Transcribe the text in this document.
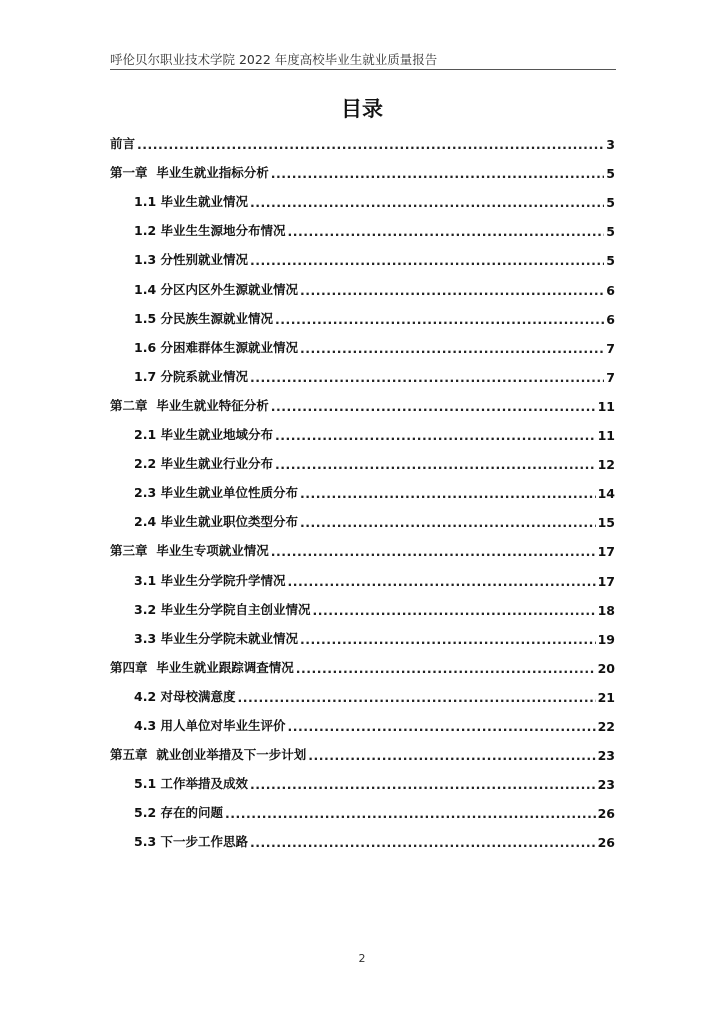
呼伦贝尔职业技术学院 2022 年度高校毕业生就业质量报告
目录
前言 .....	3
第一章  毕业生就业指标分析 .....	5
1.1 毕业生就业情况 .....	5
1.2 毕业生生源地分布情况 .....	5
1.3 分性别就业情况 .....	5
1.4 分区内区外生源就业情况 .....	6
1.5 分民族生源就业情况 .....	6
1.6 分困难群体生源就业情况 .....	7
1.7 分院系就业情况 .....	7
第二章  毕业生就业特征分析 .....	11
2.1 毕业生就业地域分布 .....	11
2.2 毕业生就业行业分布 .....	12
2.3 毕业生就业单位性质分布 .....	14
2.4 毕业生就业职位类型分布 .....	15
第三章  毕业生专项就业情况 .....	17
3.1 毕业生分学院升学情况 .....	17
3.2 毕业生分学院自主创业情况 .....	18
3.3 毕业生分学院未就业情况 .....	19
第四章  毕业生就业跟踪调查情况 .....	20
4.2 对母校满意度 .....	21
4.3 用人单位对毕业生评价 .....	22
第五章  就业创业举措及下一步计划 .....	23
5.1 工作举措及成效 .....	23
5.2 存在的问题 .....	26
5.3 下一步工作思路 .....	26
2
